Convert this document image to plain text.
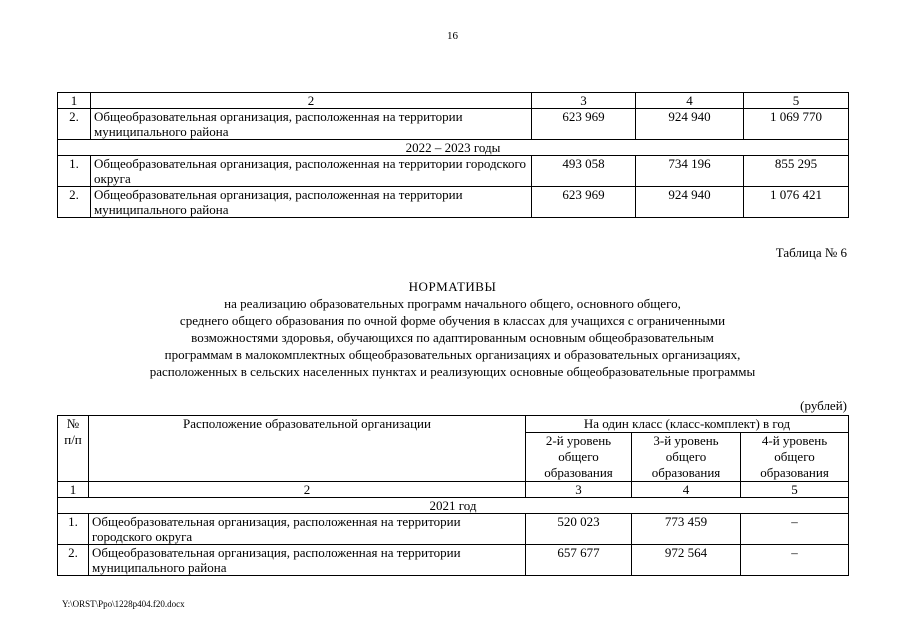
16
1	2	3	4	5
2.	Общеобразовательная организация, расположенная на территории муниципального района	623 969	924 940	1 069 770
2022 – 2023 годы				
1.	Общеобразовательная организация, расположенная на территории городского округа	493 058	734 196	855 295
2.	Общеобразовательная организация, расположенная на территории муниципального района	623 969	924 940	1 076 421
Таблица № 6
НОРМАТИВЫ
на реализацию образовательных программ начального общего, основного общего,
среднего общего образования по очной форме обучения в классах для учащихся с ограниченными
возможностями здоровья, обучающихся по адаптированным основным общеобразовательным
программам в малокомплектных общеобразовательных организациях и образовательных организациях,
расположенных в сельских населенных пунктах и реализующих основные общеобразовательные программы
(рублей)
№ п/п	Расположение образовательной организации	На один класс (класс-комплект) в год		
		2-й уровень общего образования	3-й уровень общего образования	4-й уровень общего образования
1	2	3	4	5
2021 год				
1.	Общеобразовательная организация, расположенная на территории городского округа	520 023	773 459	–
2.	Общеобразовательная организация, расположенная на территории муниципального района	657 677	972 564	–
Y:\ORST\Ppo\1228p404.f20.docx
